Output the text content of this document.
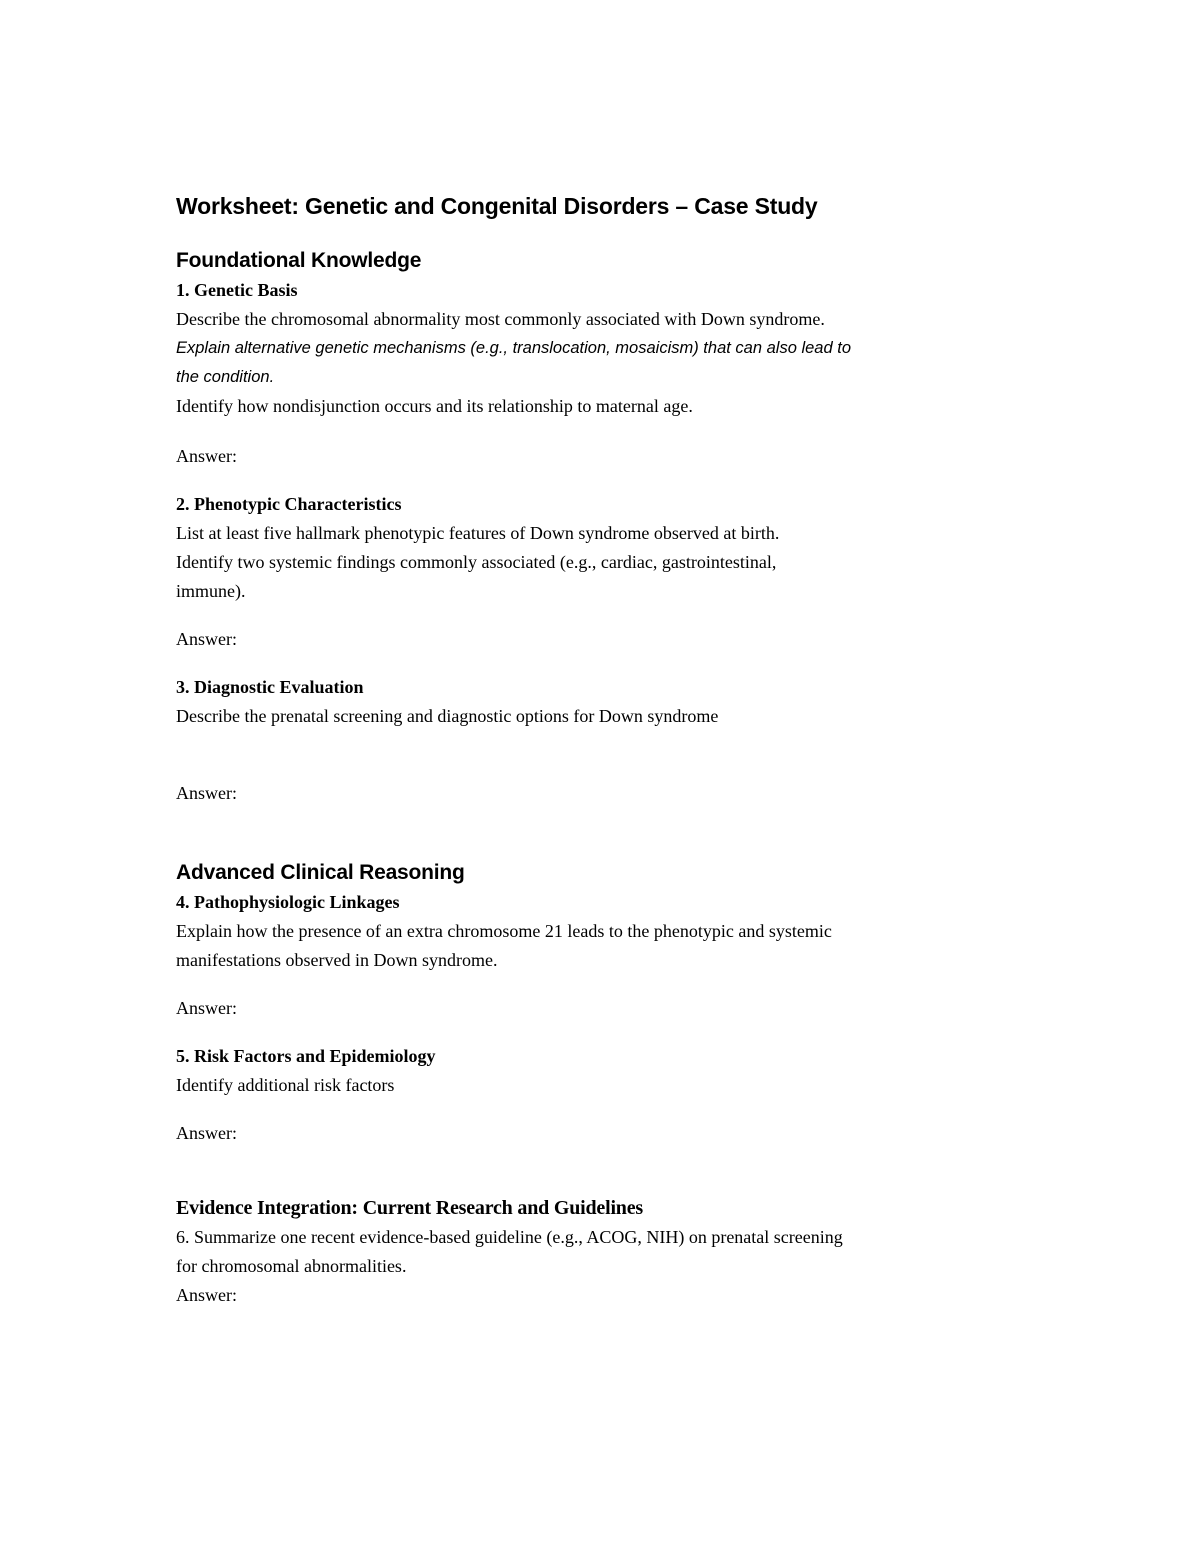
Worksheet: Genetic and Congenital Disorders – Case Study
Foundational Knowledge

1. Genetic Basis

Describe the chromosomal abnormality most commonly associated with Down syndrome.

Explain alternative genetic mechanisms (e.g., translocation, mosaicism) that can also lead to

the condition.

Identify how nondisjunction occurs and its relationship to maternal age.

Answer:

2. Phenotypic Characteristics

List at least five hallmark phenotypic features of Down syndrome observed at birth.

Identify two systemic findings commonly associated (e.g., cardiac, gastrointestinal,

immune).

Answer:

3. Diagnostic Evaluation

Describe the prenatal screening and diagnostic options for Down syndrome

Answer:

Advanced Clinical Reasoning

4. Pathophysiologic Linkages

Explain how the presence of an extra chromosome 21 leads to the phenotypic and systemic

manifestations observed in Down syndrome.

Answer:

5. Risk Factors and Epidemiology

Identify additional risk factors

Answer:

Evidence Integration: Current Research and Guidelines

6. Summarize one recent evidence-based guideline (e.g., ACOG, NIH) on prenatal screening

for chromosomal abnormalities.

Answer:
